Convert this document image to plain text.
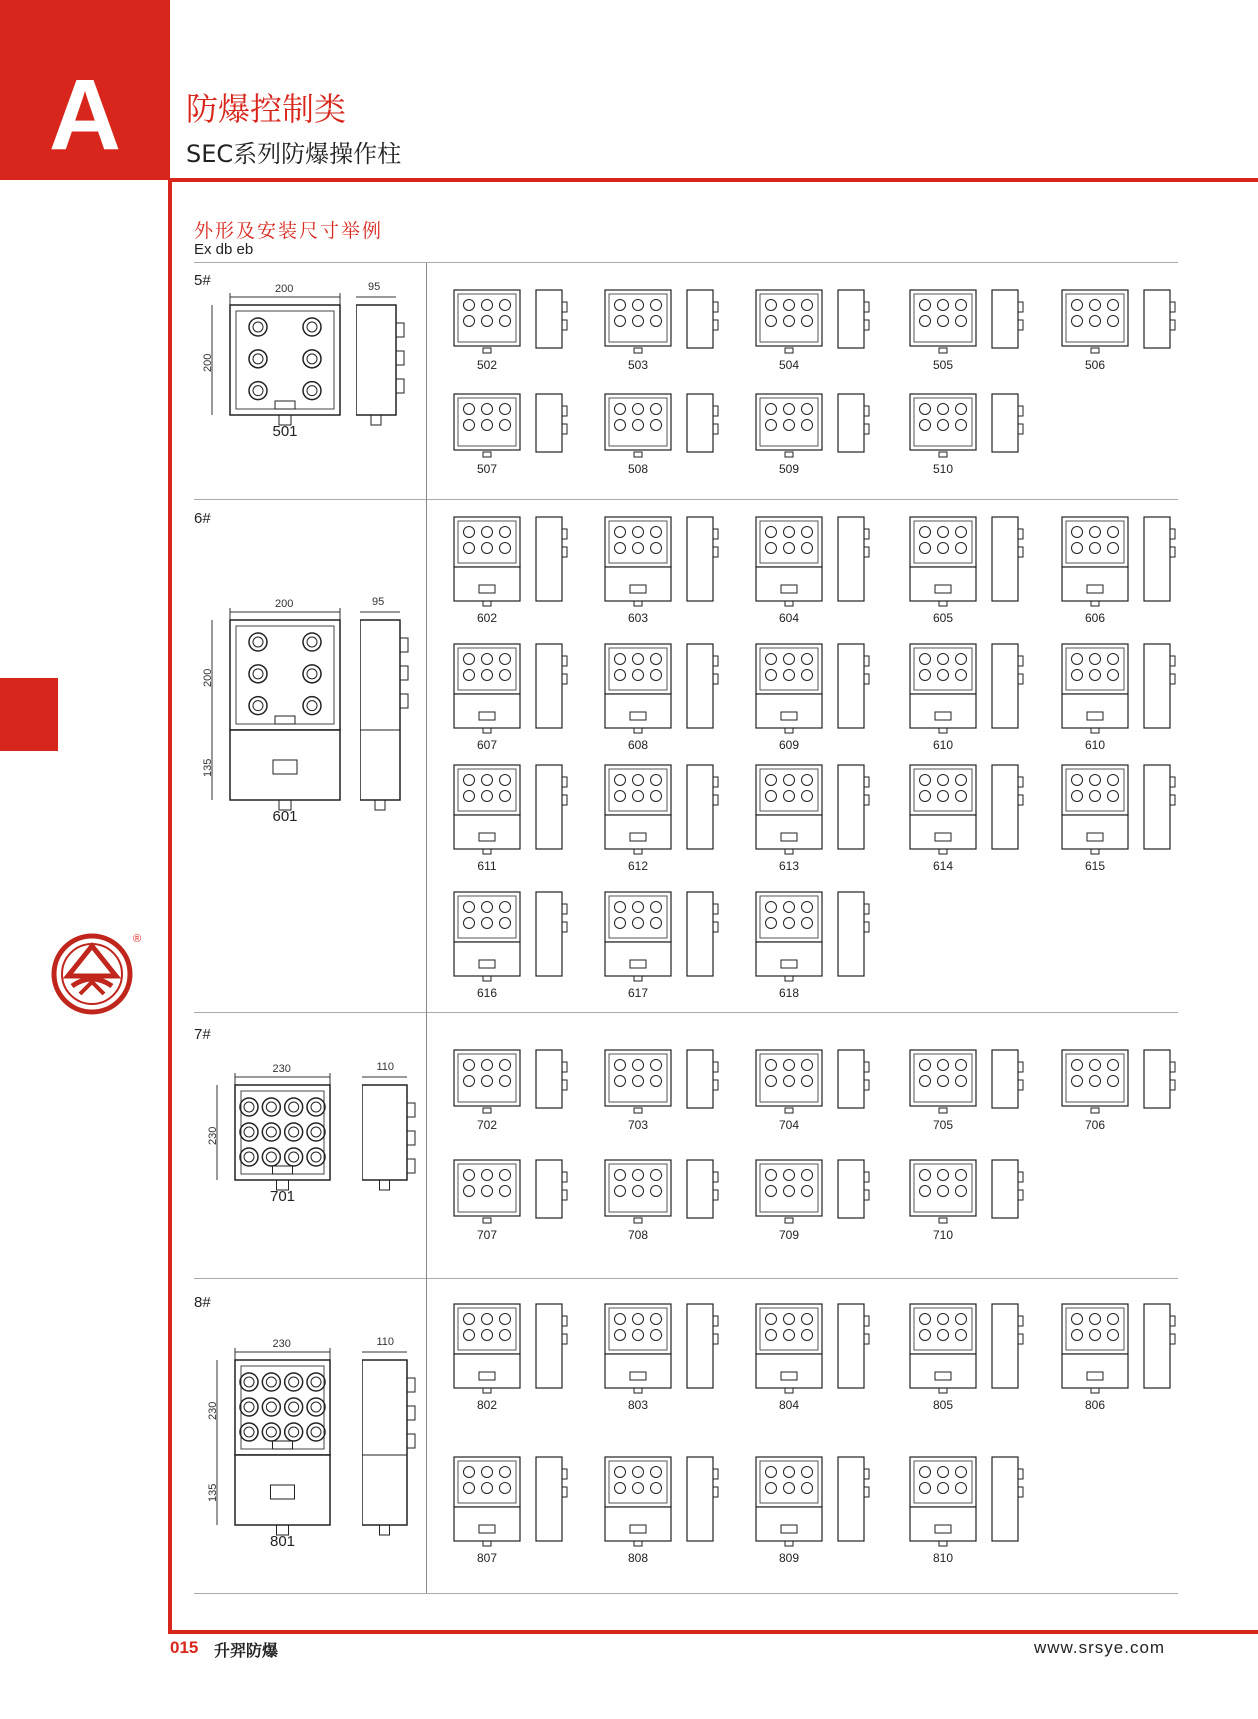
A	防爆控制类
SEC系列防爆操作柱
外形及安装尺寸举例
Ex db eb
5#
6#
7#
8#
200	95
200
501
200	95
200
135
601
230	110
230
701
230	110
230
135
801
502	503	504	505	506
507	508	509	510
602	603	604	605	606
607	608	609	610	610
611	612	613	614	615
616	617	618
702	703	704	705	706
707	708	709	710
802	803	804	805	806
807	808	809	810
®
015 升羿防爆	www.srsye.com
